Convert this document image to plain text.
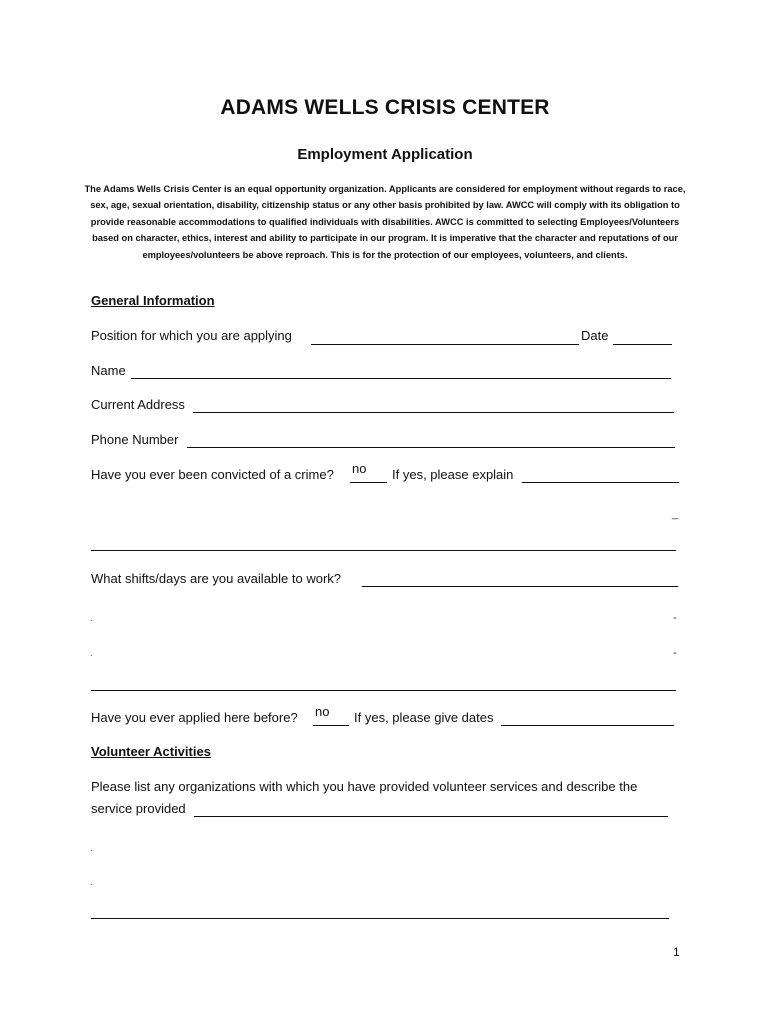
ADAMS WELLS CRISIS CENTER
Employment Application
The Adams Wells Crisis Center is an equal opportunity organization. Applicants are considered for employment without regards to race, sex, age, sexual orientation, disability, citizenship status or any other basis prohibited by law. AWCC will comply with its obligation to provide reasonable accommodations to qualified individuals with disabilities. AWCC is committed to selecting Employees/Volunteers based on character, ethics, interest and ability to participate in our program. It is imperative that the character and reputations of our employees/volunteers be above reproach. This is for the protection of our employees, volunteers, and clients.
General Information
Position for which you are applying	Date
Name
Current Address
Phone Number
Have you ever been convicted of a crime? no If yes, please explain
_
What shifts/days are you available to work?
.	-
.	-
Have you ever applied here before? no If yes, please give dates
Volunteer Activities
Please list any organizations with which you have provided volunteer services and describe the
service provided
.
.
1
